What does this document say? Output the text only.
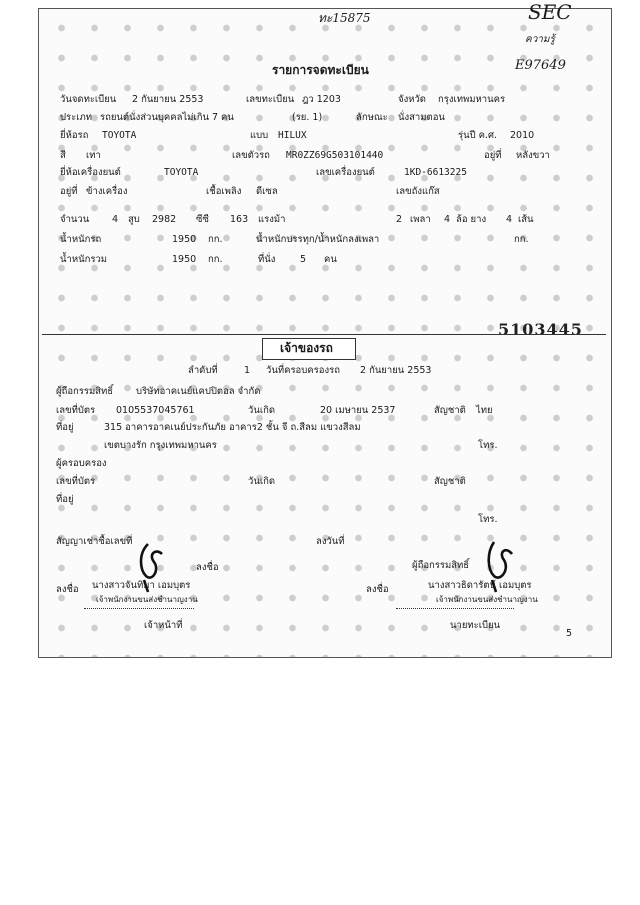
ทะ15875	SEC
ความรู้
E97649
รายการจดทะเบียน
วันจดทะเบียน 2 กันยายน 2553	เลขทะเบียน ฎว 1203	จังหวัด กรุงเทพมหานคร
ประเภท รถยนต์นั่งส่วนบุคคลไม่เกิน 7 คน	(รย. 1)	ลักษณะ นั่งสามตอน
ยี่ห้อรถ TOYOTA	แบบ HILUX	รุ่นปี ค.ศ. 2010
สี เทา	เลขตัวรถ MR0ZZ69G503101440	อยู่ที่ หลังขวา
ยี่ห้อเครื่องยนต์	TOYOTA	เลขเครื่องยนต์	1KD-6613225
อยู่ที่ ข้างเครื่อง	เชื้อเพลิง ดีเซล	เลขถังแก๊ส
จำนวน 4 สูบ 2982 ซีซี 163 แรงม้า	2 เพลา 4 ล้อ ยาง 4 เส้น
น้ำหนักรถ	1950 กก.	น้ำหนักบรรทุก/น้ำหนักลงเพลา	กก.
น้ำหนักรวม	1950 กก.	ที่นั่ง	5 คน
5103445
เจ้าของรถ
ลำดับที่	1 วันที่ครอบครองรถ 2 กันยายน 2553
ผู้ถือกรรมสิทธิ์ บริษัทอาคเนย์แคปปิตอล จำกัด
เลขที่บัตร 0105537045761	วันเกิด	20 เมษายน 2537	สัญชาติ ไทย
ที่อยู่	315 อาคารอาคเนย์ประกันภัย อาคาร2 ชั้น จี ถ.สีลม แขวงสีลม
เขตบางรัก กรุงเทพมหานคร	โทร.
ผู้ครอบครอง
เลขที่บัตร	วันเกิด	สัญชาติ
ที่อยู่
โทร.
สัญญาเช่าซื้อเลขที่	ลงวันที่
ลงชื่อ	ผู้ถือกรรมสิทธิ์
ลงชื่อ นางสาวจันทิมา เอมบุตร
เจ้าพนักงานขนส่งชำนาญงาน
ลงชื่อ	นางสาวธิดารัตน์ เอมบุตร
เจ้าพนักงานขนส่งชำนาญงาน
เจ้าหน้าที่	นายทะเบียน
5
